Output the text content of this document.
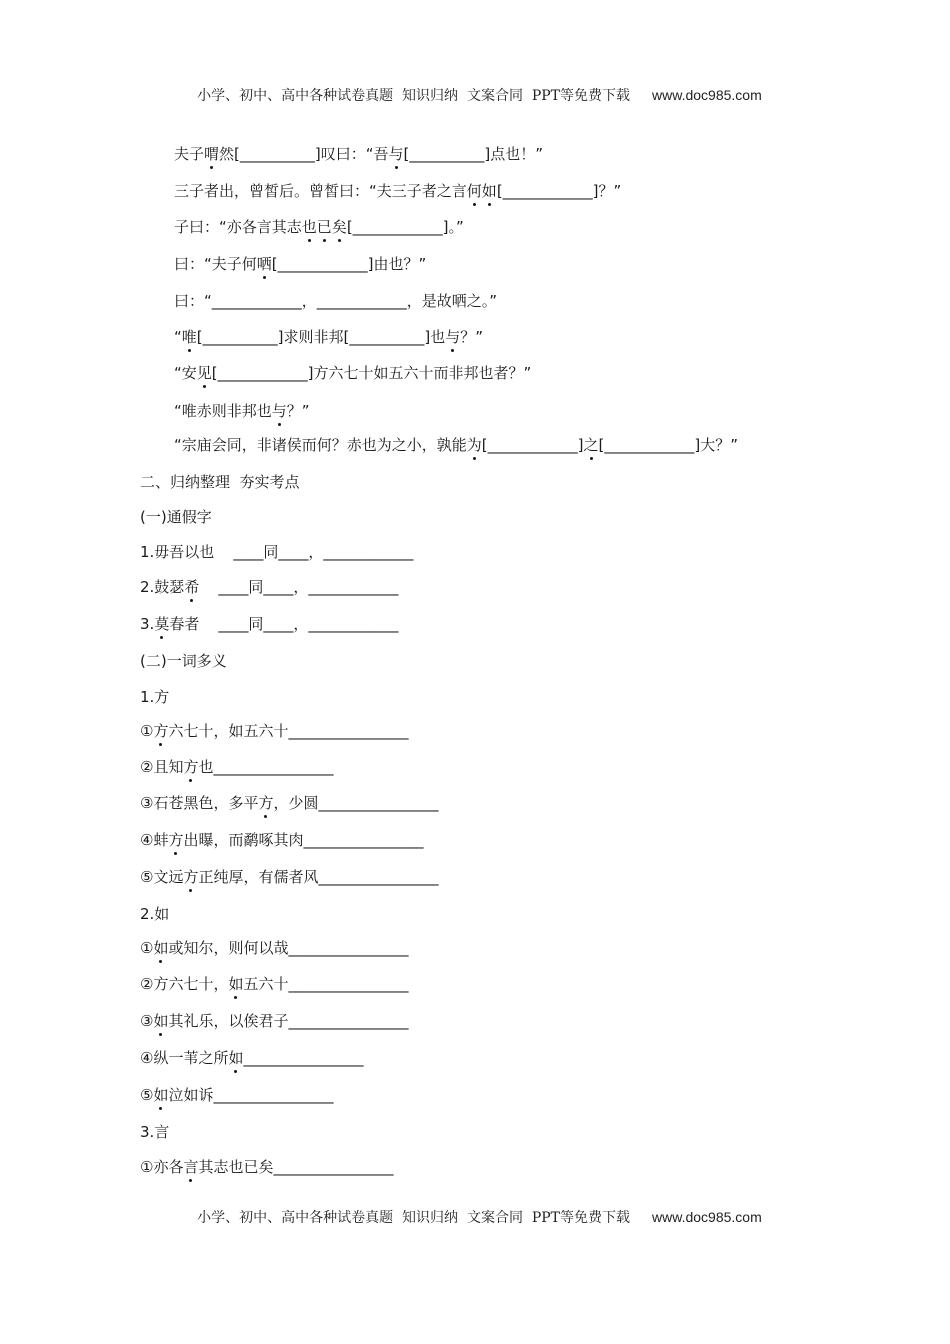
小学、初中、高中各种试卷真题  知识归纳  文案合同  PPT等免费下载 www.doc985.com

夫子喟然[__________]叹曰：“吾与[__________]点也！”
三子者出，曾皙后。曾皙曰：“夫三子者之言何如[____________]？”
子曰：“亦各言其志也已矣[____________]。”
曰：“夫子何哂[____________]由也？”
曰：“____________，____________，是故哂之。”
“唯[__________]求则非邦[__________]也与？”
“安见[____________]方六七十如五六十而非邦也者？”
“唯赤则非邦也与？”
“宗庙会同，非诸侯而何？赤也为之小，孰能为[____________]之[____________]大？”
二、归纳整理  夯实考点
(一)通假字
1.毋吾以也    ____同____，____________
2.鼓瑟希    ____同____，____________
3.莫春者    ____同____，____________
(二)一词多义
1.方
①方六七十，如五六十________________
②且知方也________________
③石苍黑色，多平方，少圆________________
④蚌方出曝，而鹬啄其肉________________
⑤文远方正纯厚，有儒者风________________
2.如
①如或知尔，则何以哉________________
②方六七十，如五六十________________
③如其礼乐，以俟君子________________
④纵一苇之所如________________
⑤如泣如诉________________
3.言
①亦各言其志也已矣________________

小学、初中、高中各种试卷真题  知识归纳  文案合同  PPT等免费下载 www.doc985.com
